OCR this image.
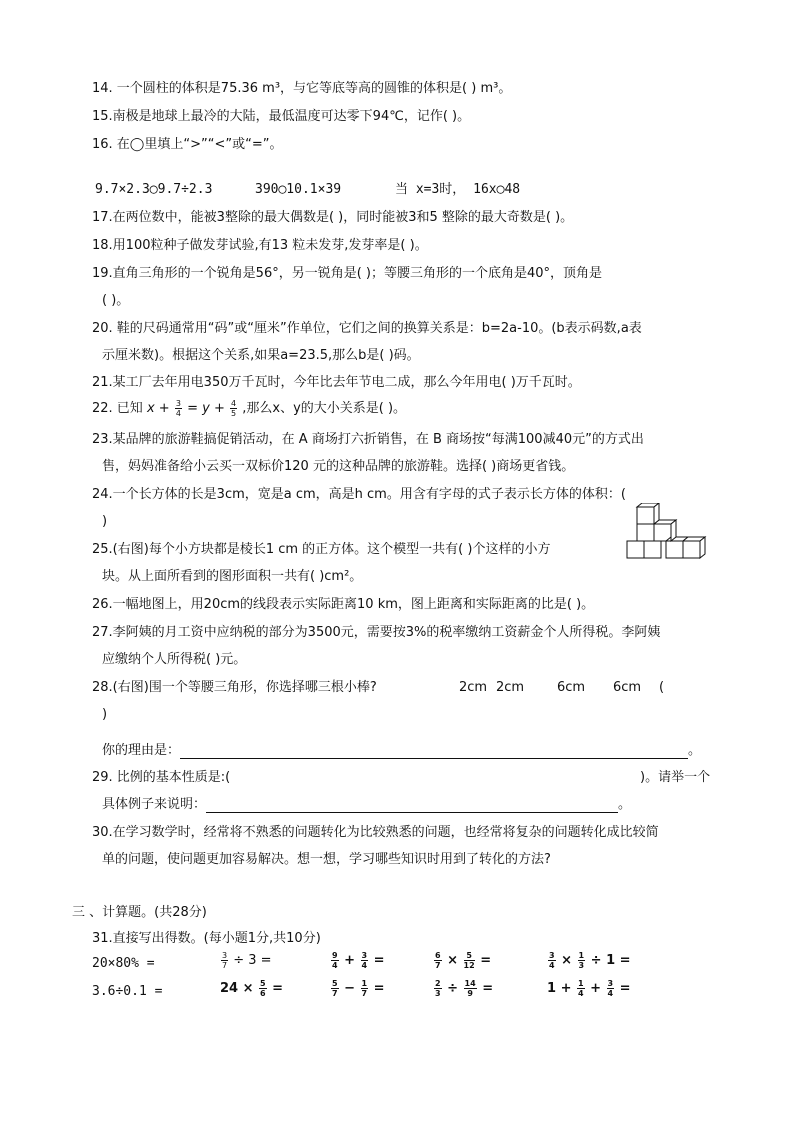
14. 一个圆柱的体积是75.36 m³，与它等底等高的圆锥的体积是( ) m³。
15.南极是地球上最冷的大陆，最低温度可达零下94℃，记作( )。
16. 在◯里填上“>”“<”或“=”。
9.7×2.3◯9.7÷2.3	390◯10.1×39	当 x=3时， 16x◯48
17.在两位数中，能被3整除的最大偶数是( )，同时能被3和5 整除的最大奇数是( )。
18.用100粒种子做发芽试验,有13 粒未发芽,发芽率是( )。
19.直角三角形的一个锐角是56°，另一锐角是( )；等腰三角形的一个底角是40°，顶角是
( )。
20. 鞋的尺码通常用“码”或“厘米”作单位，它们之间的换算关系是：b=2a-10。(b表示码数,a表
示厘米数)。根据这个关系,如果a=23.5,那么b是( )码。
21.某工厂去年用电350万千瓦时，今年比去年节电二成，那么今年用电( )万千瓦时。
22. 已知 $x + \frac{3}{4} = y + \frac{4}{5}$ ,那么x、y的大小关系是( )。
23.某品牌的旅游鞋搞促销活动，在 A 商场打六折销售，在 B 商场按“每满100减40元”的方式出
售，妈妈准备给小云买一双标价120 元的这种品牌的旅游鞋。选择( )商场更省钱。
24.一个长方体的长是3cm，宽是a cm，高是h cm。用含有字母的式子表示长方体的体积：(
)
25.(右图)每个小方块都是棱长1 cm 的正方体。这个模型一共有( )个这样的小方
块。从上面所看到的图形面积一共有( )cm²。
26.一幅地图上，用20cm的线段表示实际距离10 km，图上距离和实际距离的比是( )。
27.李阿姨的月工资中应纳税的部分为3500元，需要按3%的税率缴纳工资薪金个人所得税。李阿姨
应缴纳个人所得税( )元。
28.(右图)围一个等腰三角形，你选择哪三根小棒?	2cm 2cm	6cm 6cm (
)
你的理由是：	。
29. 比例的基本性质是:(	)。请举一个
具体例子来说明：	。
30.在学习数学时，经常将不熟悉的问题转化为比较熟悉的问题，也经常将复杂的问题转化成比较简
单的问题，使问题更加容易解决。想一想，学习哪些知识时用到了转化的方法?
三 、计算题。(共28分)
31.直接写出得数。(每小题1分,共10分)
20×80% =	$\frac{3}{7} \div 3$ =	$\frac{9}{4} + \frac{3}{4}$ =	$\frac{6}{7} \times \frac{5}{12}$ =	$\frac{3}{4} \times \frac{1}{3} \div 1$ =
3.6÷0.1 =	$24 \times \frac{5}{6}$ =	$\frac{5}{7} - \frac{1}{7}$ =	$\frac{2}{3} \div \frac{14}{9}$ =	$1 + \frac{1}{4} + \frac{3}{4}$ =
